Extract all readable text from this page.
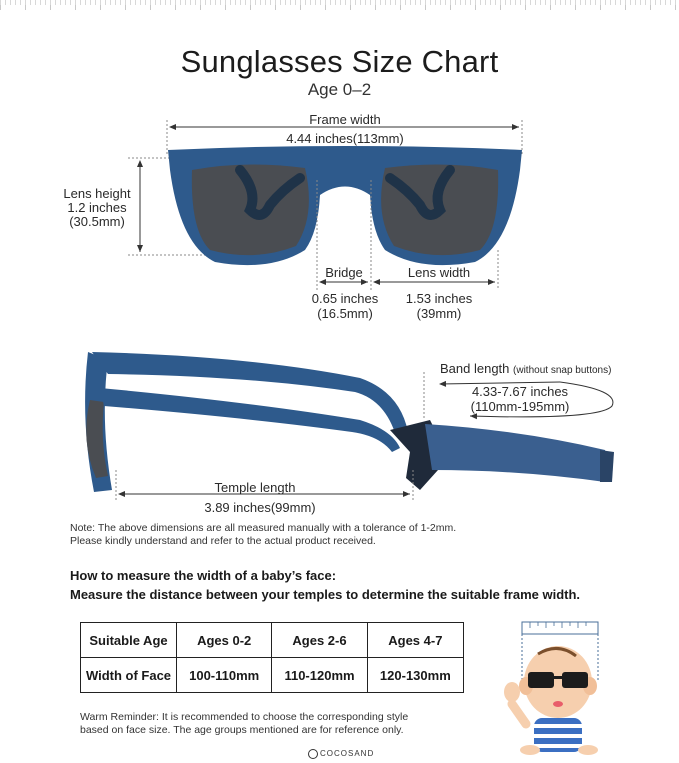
Sunglasses Size Chart
Age 0–2
Frame width
4.44 inches(113mm)
Lens height
1.2 inches
(30.5mm)
Bridge
0.65 inches
(16.5mm)
Lens width
1.53 inches
(39mm)
Band length (without snap buttons)
4.33-7.67 inches
(110mm-195mm)
Temple length
3.89 inches(99mm)
Note: The above dimensions are all measured manually with a tolerance of 1-2mm.
Please kindly understand and refer to the actual product received.
How to measure the width of a baby’s face:
Measure the distance between your temples to determine the suitable frame width.
Suitable Age	Ages 0-2	Ages 2-6	Ages 4-7
Width of Face	100-110mm	110-120mm	120-130mm
Warm Reminder: It is recommended to choose the corresponding style
based on face size. The age groups mentioned are for reference only.
COCOSAND
